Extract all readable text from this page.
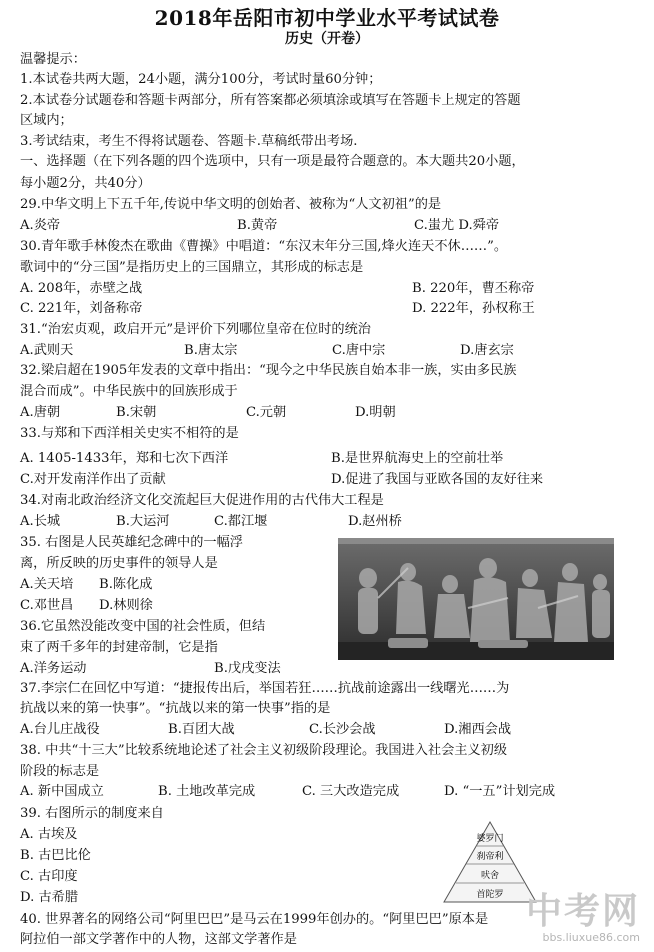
2018年岳阳市初中学业水平考试试卷
历史（开卷）
温馨提示：
1.本试卷共两大题，24小题，满分100分，考试时量60分钟；
2.本试卷分试题卷和答题卡两部分，所有答案都必须填涂或填写在答题卡上规定的答题
区域内；
3.考试结束，考生不得将试题卷、答题卡.草稿纸带出考场.
一、选择题（在下列各题的四个选项中，只有一项是最符合题意的。本大题共20小题，
每小题2分，共40分）
29.中华文明上下五千年,传说中华文明的创始者、被称为“人文初祖”的是
A.炎帝	B.黄帝	C.蚩尤 D.舜帝
30.青年歌手林俊杰在歌曲《曹操》中唱道：“东汉末年分三国,烽火连天不休……”。
歌词中的“分三国”是指历史上的三国鼎立，其形成的标志是
A. 208年，赤壁之战	B. 220年，曹丕称帝
C. 221年，刘备称帝	D. 222年，孙权称王
31.“治宏贞观，政启开元”是评价下列哪位皇帝在位时的统治
A.武则天	B.唐太宗	C.唐中宗	D.唐玄宗
32.梁启超在1905年发表的文章中指出：“现今之中华民族自始本非一族，实由多民族
混合而成”。中华民族中的回族形成于
A.唐朝	B.宋朝	C.元朝	D.明朝
33.与郑和下西洋相关史实不相符的是
A. 1405-1433年，郑和七次下西洋	B.是世界航海史上的空前壮举
C.对开发南洋作出了贡献	D.促进了我国与亚欧各国的友好往来
34.对南北政治经济文化交流起巨大促进作用的古代伟大工程是
A.长城	B.大运河	C.都江堰	D.赵州桥
35. 右图是人民英雄纪念碑中的一幅浮
离，所反映的历史事件的领导人是
A.关天培 B.陈化成
C.邓世昌 D.林则徐
36.它虽然没能改变中国的社会性质，但结
束了两千多年的封建帝制，它是指
A.洋务运动	B.戊戌变法
37.李宗仁在回忆中写道：“捷报传出后，举国若狂……抗战前途露出一线曙光……为
抗战以来的第一快事”。“抗战以来的第一快事”指的是
A.台儿庄战役	B.百团大战	C.长沙会战	D.湘西会战
38. 中共“十三大”比较系统地论述了社会主义初级阶段理论。我国进入社会主义初级
阶段的标志是
A. 新中国成立	B. 土地改革完成	C. 三大改造完成	D. “一五”计划完成
39. 右图所示的制度来自
A. 古埃及
B. 古巴比伦
C. 古印度
D. 古希腊
婆罗门
刹帝利
吠舍
首陀罗
40. 世界著名的网络公司“阿里巴巴”是马云在1999年创办的。“阿里巴巴”原本是
阿拉伯一部文学著作中的人物，这部文学著作是
中考网
bbs.liuxue86.com
